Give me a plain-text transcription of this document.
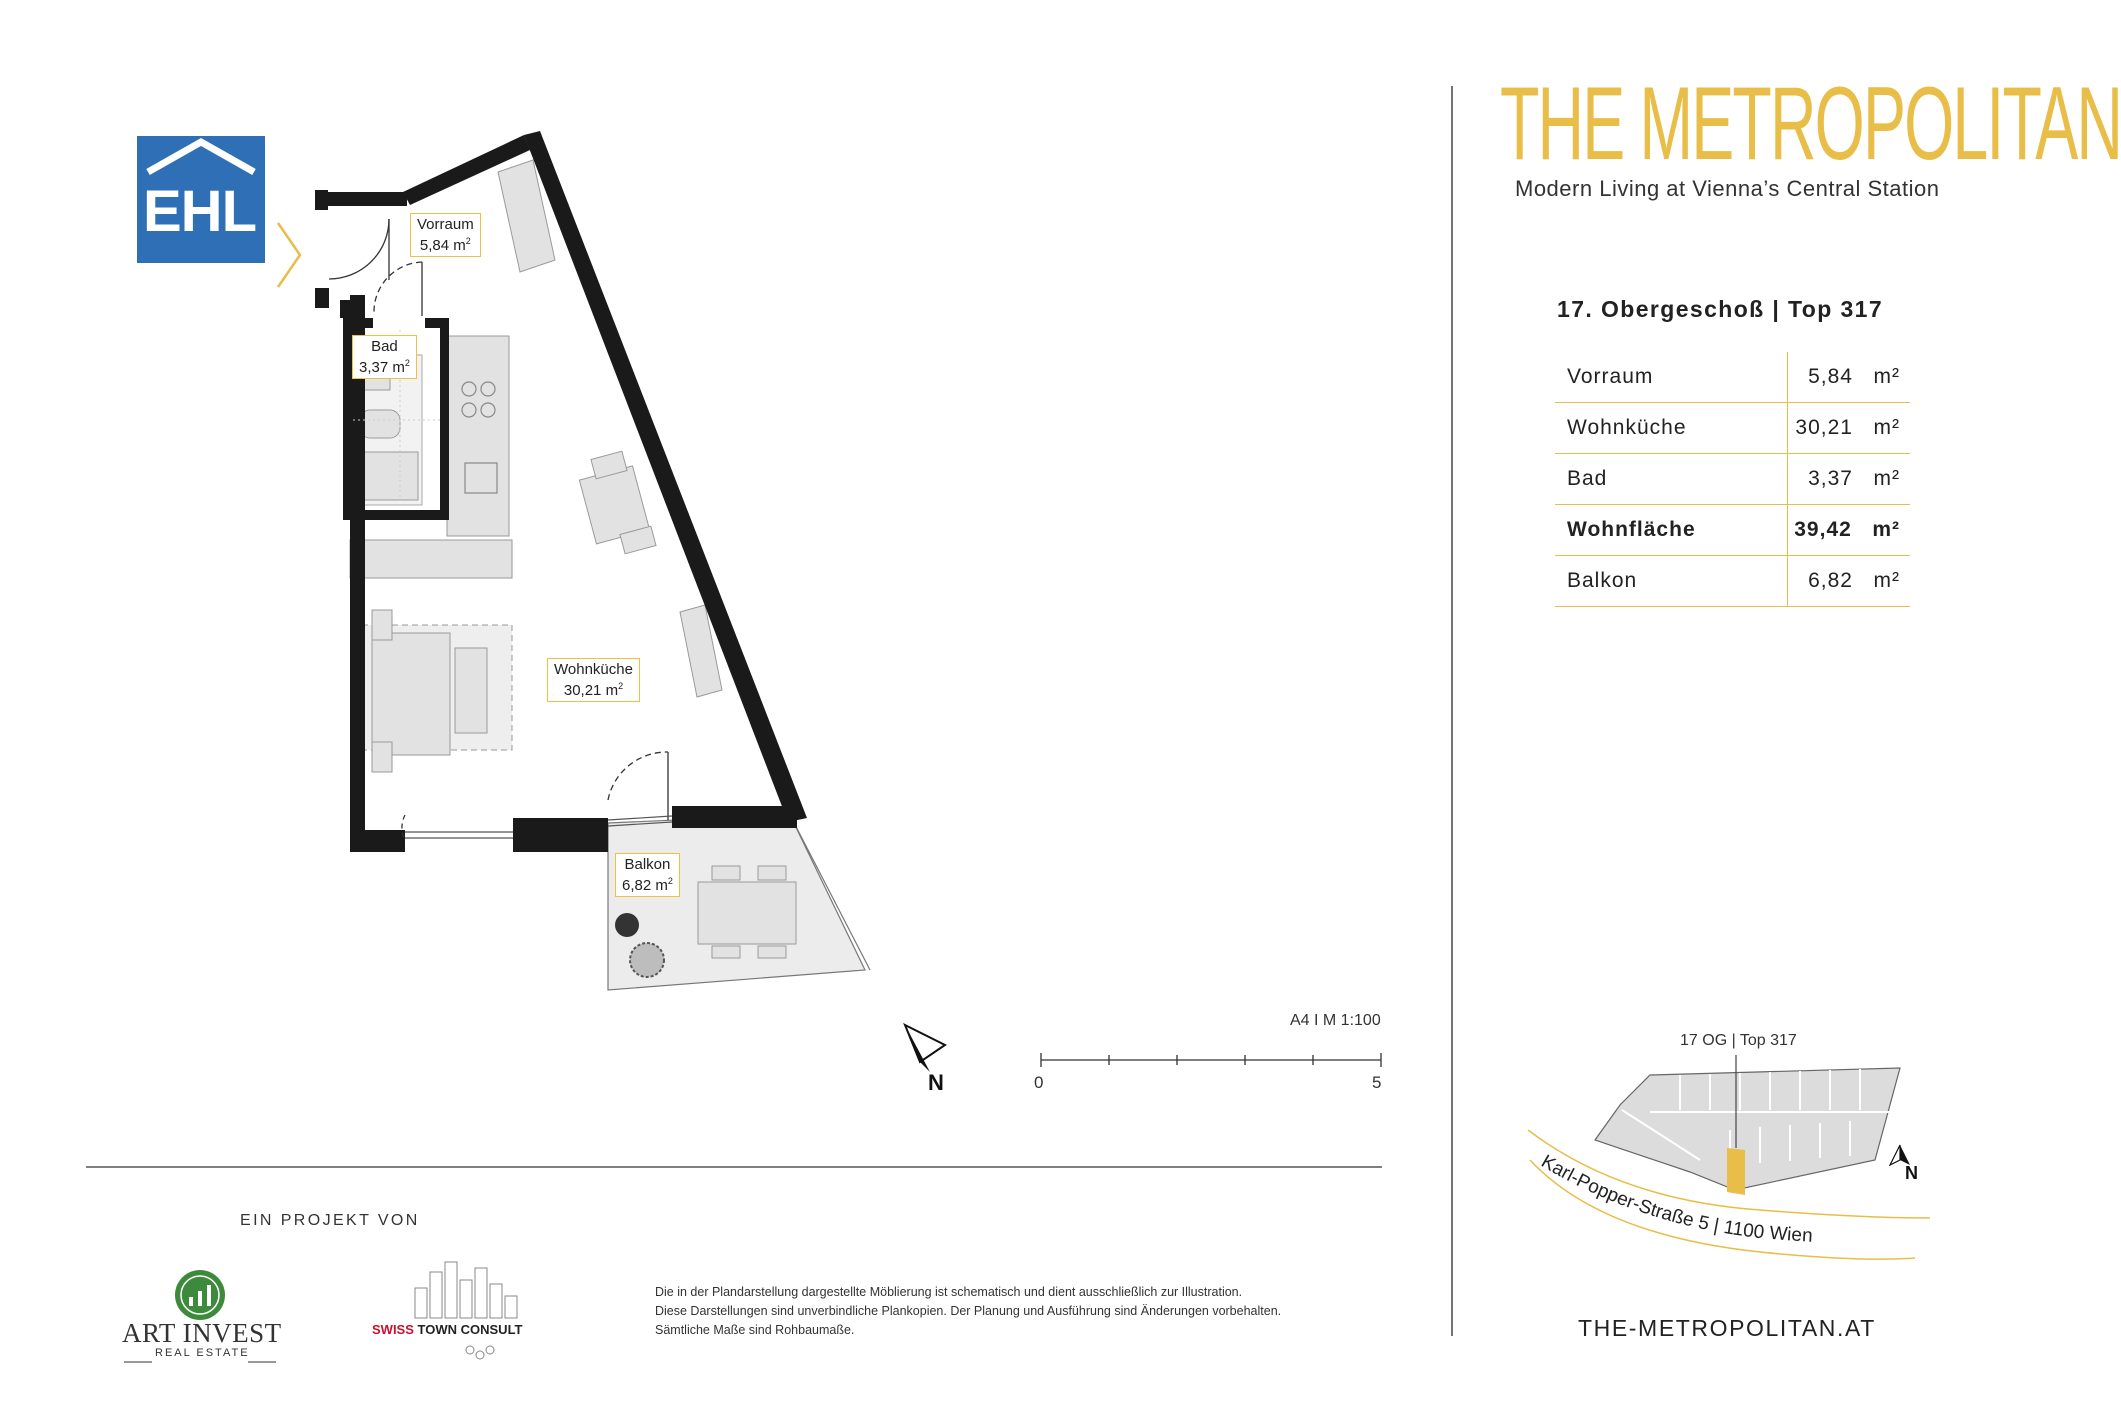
Karl-Popper-Straße 5 | 1100 Wien
EHL	Vorraum
5,84 $m^2$
Bad
3,37 $m^2$
Wohnküche
30,21 $m^2$
Balkon
6,82 $m^2$
N
A4 I M 1:100
0	5
THE METROPOLITAN
Modern Living at Vienna’s Central Station
17. Obergeschoß | Top 317
Vorraum	5,84 m²
Wohnküche	30,21 m²
Bad	3,37 m²
Wohnfläche	39,42 m²
Balkon	6,82 m²
17 OG | Top 317
N
THE-METROPOLITAN.AT
EIN PROJEKT VON
ART INVEST
REAL ESTATE
SWISS TOWN CONSULT
Die in der Plandarstellung dargestellte Möblierung ist schematisch und dient ausschließlich zur Illustration.
Diese Darstellungen sind unverbindliche Plankopien. Der Planung und Ausführung sind Änderungen vorbehalten.
Sämtliche Maße sind Rohbaumaße.
